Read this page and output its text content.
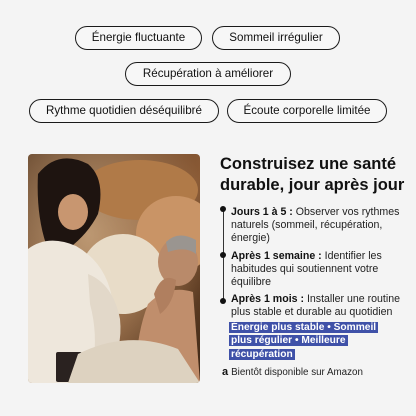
Énergie fluctuante	Sommeil irrégulier
Récupération à améliorer
Rythme quotidien déséquilibré	Écoute corporelle limitée
Construisez une santé durable, jour après jour

Jours 1 à 5 : Observer vos rythmes naturels (sommeil, récupération, énergie)

Après 1 semaine : Identifier les habitudes qui soutiennent votre équilibre

Après 1 mois : Installer une routine plus stable et durable au quotidien

Énergie plus stable • Sommeil plus régulier • Meilleure récupération
a Bientôt disponible sur Amazon
